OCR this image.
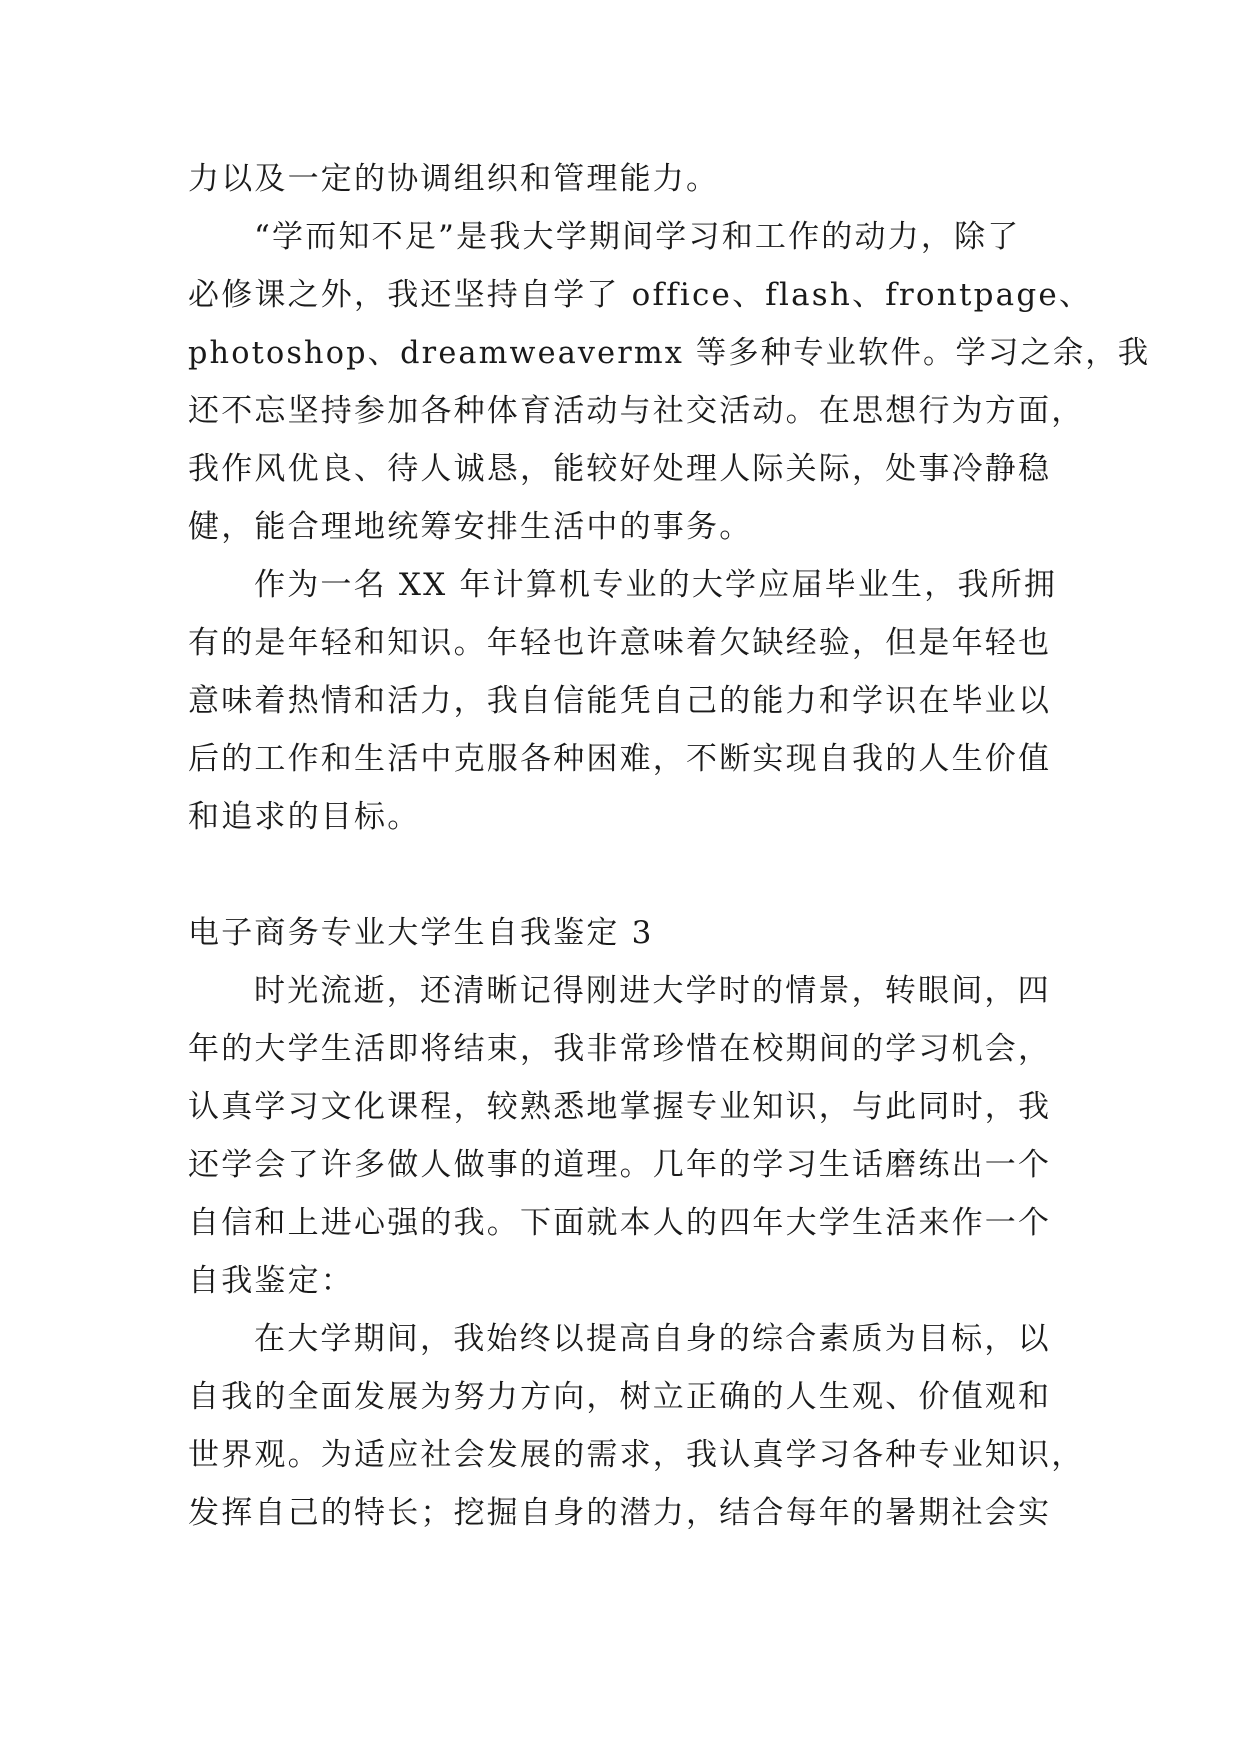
力以及一定的协调组织和管理能力。
“学而知不足”是我大学期间学习和工作的动力，除了
必修课之外，我还坚持自学了 office、flash、frontpage、
photoshop、dreamweavermx 等多种专业软件。学习之余，我
还不忘坚持参加各种体育活动与社交活动。在思想行为方面，
我作风优良、待人诚恳，能较好处理人际关际，处事冷静稳
健，能合理地统筹安排生活中的事务。
作为一名 XX 年计算机专业的大学应届毕业生，我所拥
有的是年轻和知识。年轻也许意味着欠缺经验，但是年轻也
意味着热情和活力，我自信能凭自己的能力和学识在毕业以
后的工作和生活中克服各种困难，不断实现自我的人生价值
和追求的目标。
电子商务专业大学生自我鉴定 3
时光流逝，还清晰记得刚进大学时的情景，转眼间，四
年的大学生活即将结束，我非常珍惜在校期间的学习机会，
认真学习文化课程，较熟悉地掌握专业知识，与此同时，我
还学会了许多做人做事的道理。几年的学习生话磨练出一个
自信和上进心强的我。下面就本人的四年大学生活来作一个
自我鉴定：
在大学期间，我始终以提高自身的综合素质为目标，以
自我的全面发展为努力方向，树立正确的人生观、价值观和
世界观。为适应社会发展的需求，我认真学习各种专业知识，
发挥自己的特长；挖掘自身的潜力，结合每年的暑期社会实
